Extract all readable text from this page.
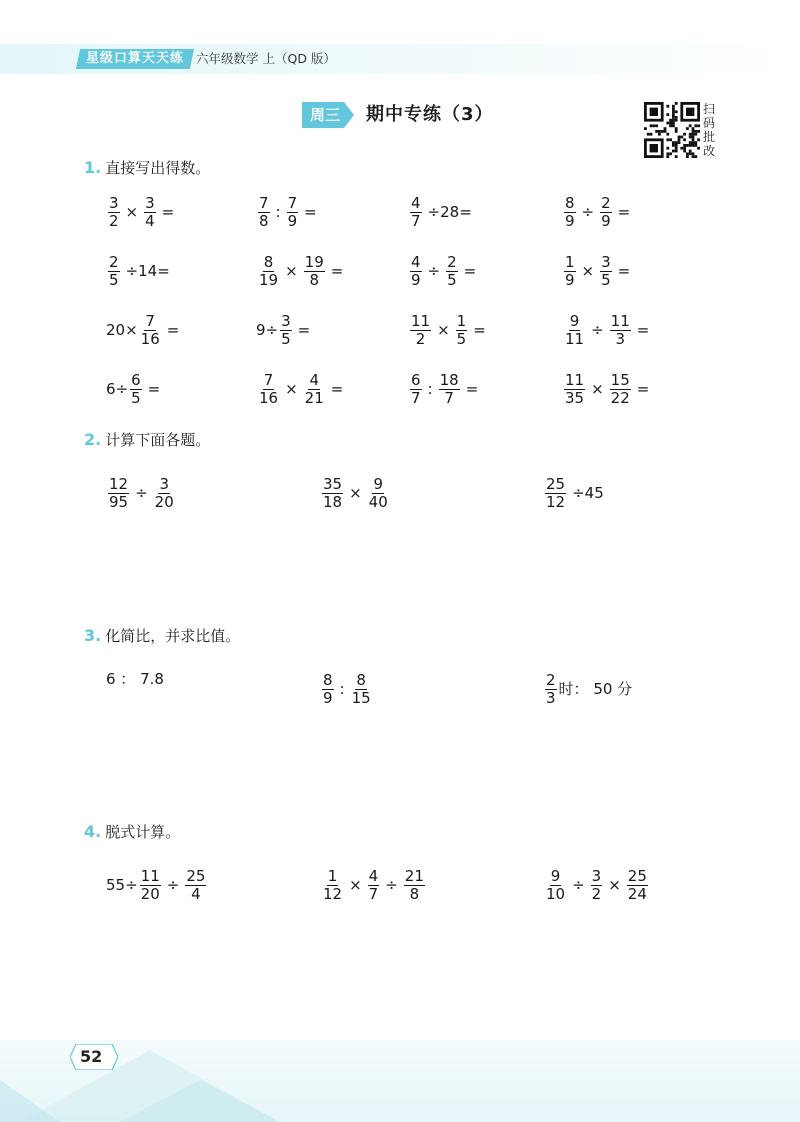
星级口算天天练 六年级数学 上（QD 版）
周三 期中专练（3）	扫
码
批
改
1. 直接写出得数。
$\frac{3}{2} \times \frac{3}{4}$ =	$\frac{7}{8}$ : $\frac{7}{9}$ =	$\frac{4}{7} \div 28=$	$\frac{8}{9} \div \frac{2}{9}$ =
$\frac{2}{5} \div 14=$	$\frac{8}{19} \times \frac{19}{8}$ =	$\frac{4}{9} \div \frac{2}{5}$ =	$\frac{1}{9} \times \frac{3}{5}$ =
$20\times \frac{7}{16}$ =	$9\div \frac{3}{5}$ =	$\frac{11}{2} \times \frac{1}{5}$ =	$\frac{9}{11} \div \frac{11}{3}$ =
$6\div \frac{6}{5}$ =	$\frac{7}{16} \times \frac{4}{21}$ =	$\frac{6}{7}$ : $\frac{18}{7}$ =	$\frac{11}{35} \times \frac{15}{22}$ =
2. 计算下面各题。
$\frac{12}{95} \div \frac{3}{20}$	$\frac{35}{18} \times \frac{9}{40}$	$\frac{25}{12} \div 45$
3. 化简比，并求比值。
6 ： 7.8	$\frac{8}{9}$ : $\frac{8}{15}$	$\frac{2}{3}$ 时： 50 分
4. 脱式计算。
$55\div \frac{11}{20} \div \frac{25}{4}$	$\frac{1}{12} \times \frac{4}{7} \div \frac{21}{8}$	$\frac{9}{10} \div \frac{3}{2} \times \frac{25}{24}$
52
